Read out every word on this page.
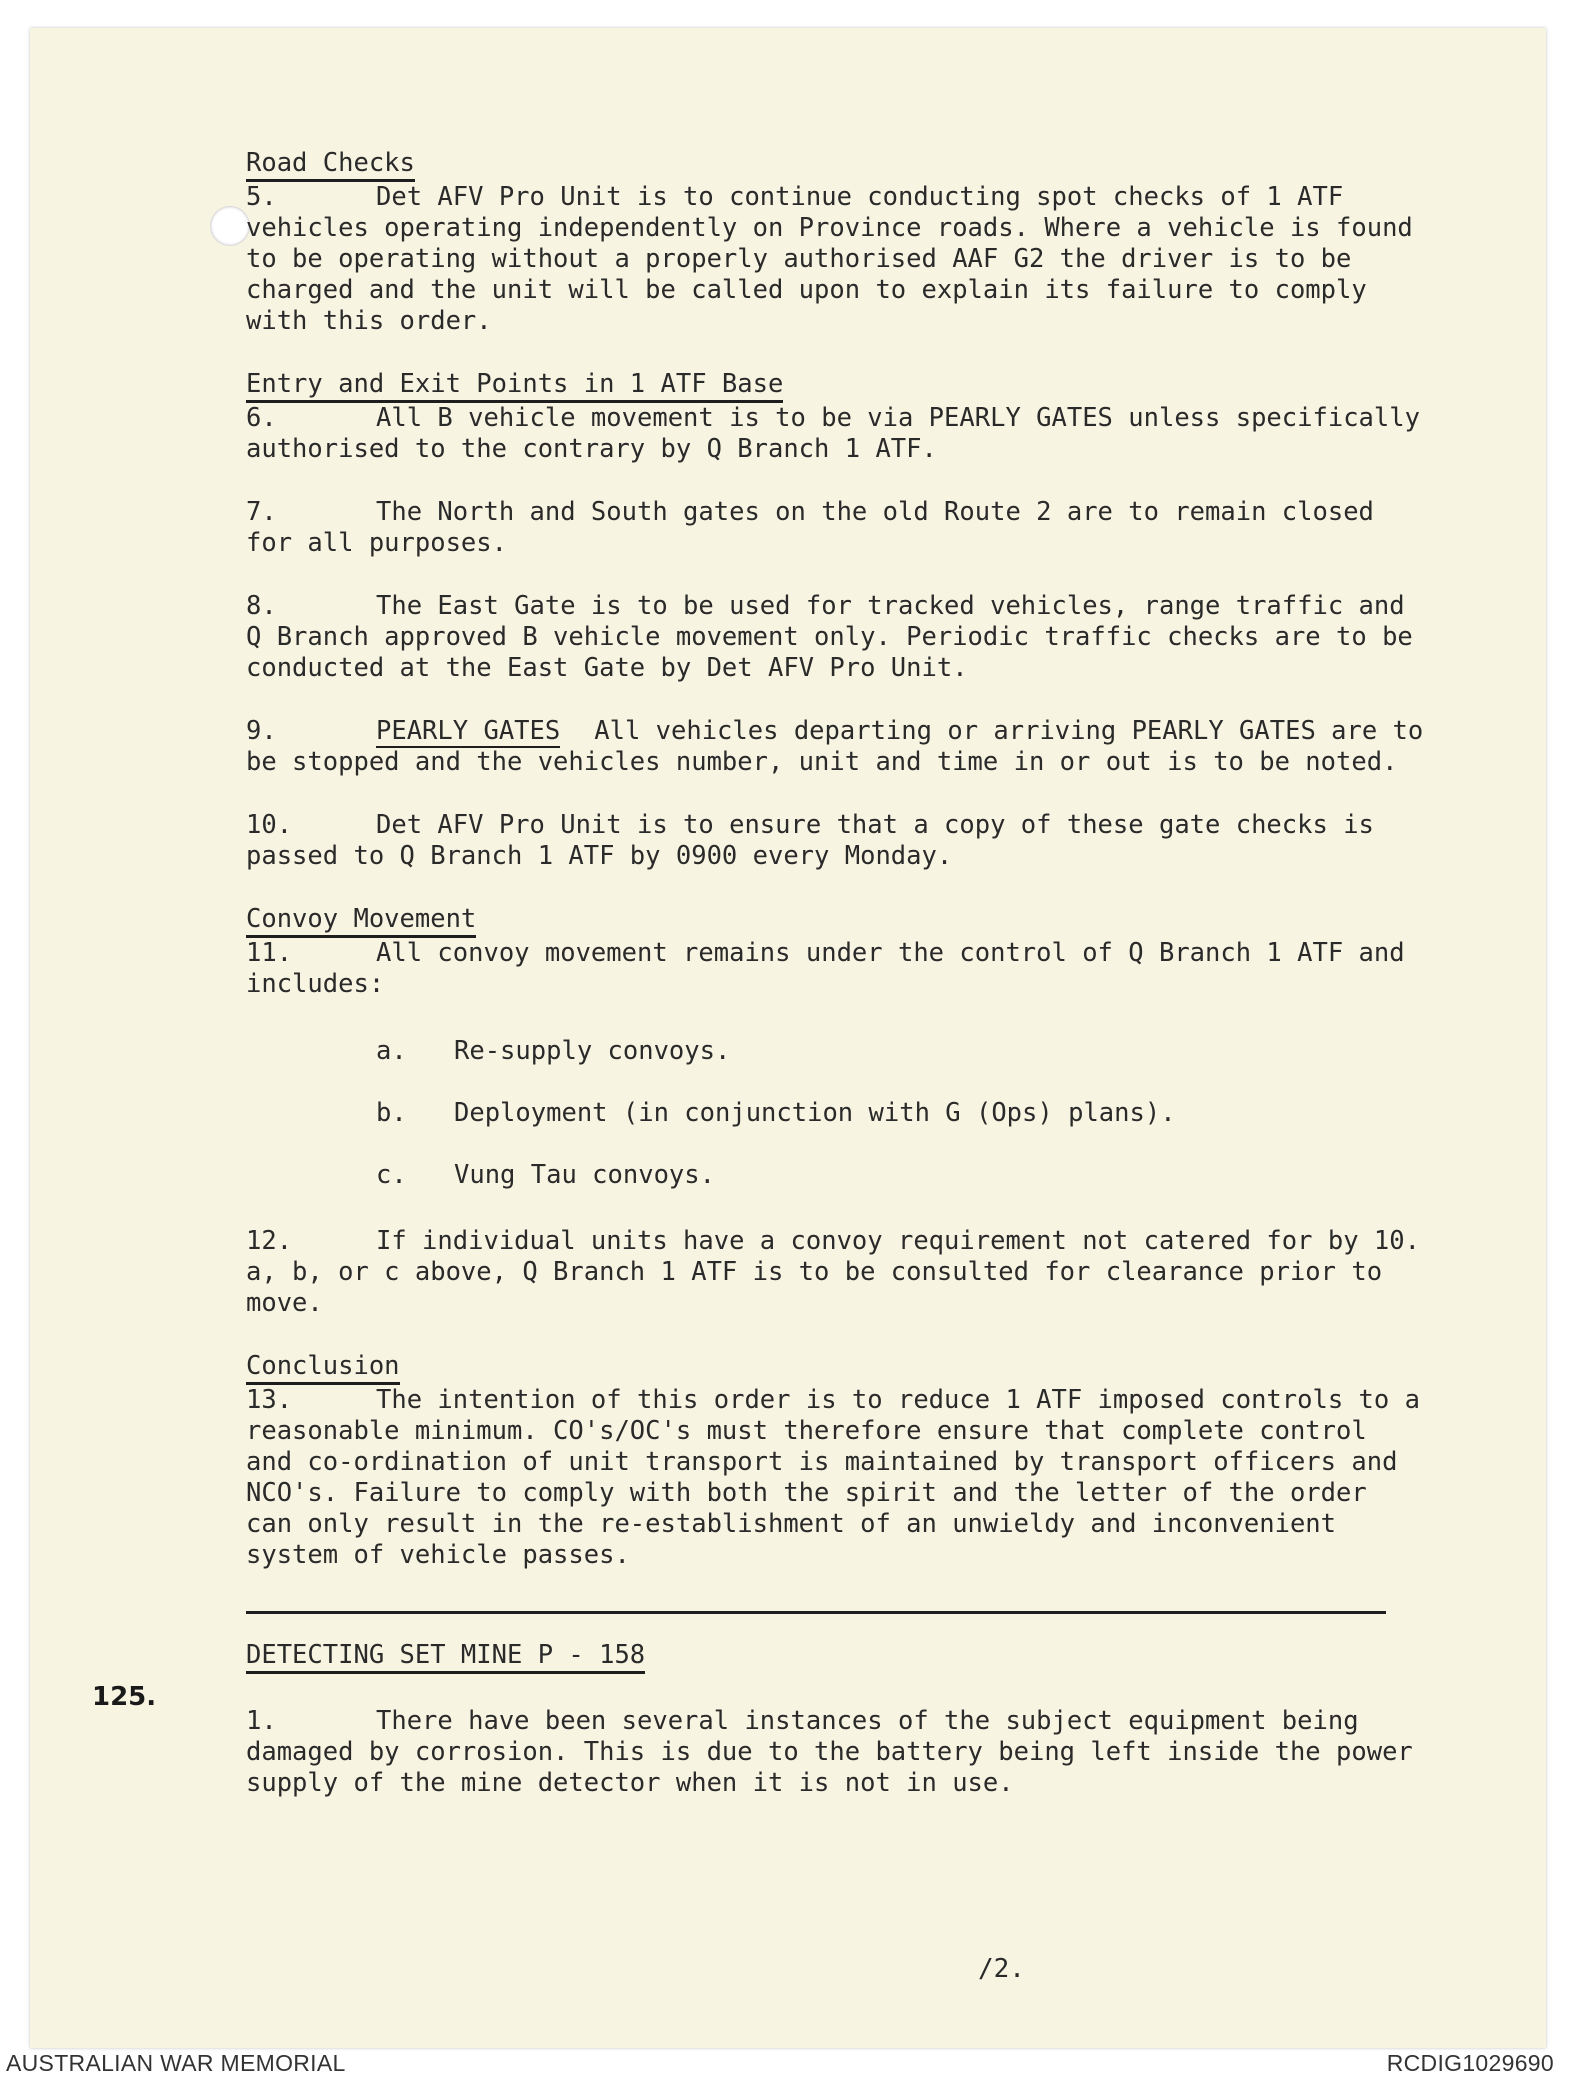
Road Checks

5.	Det AFV Pro Unit is to continue conducting spot checks of 1 ATF vehicles operating independently on Province roads. Where a vehicle is found to be operating without a properly authorised AAF G2 the driver is to be charged and the unit will be called upon to explain its failure to comply with this order.

Entry and Exit Points in 1 ATF Base

6.	All B vehicle movement is to be via PEARLY GATES unless specifically authorised to the contrary by Q Branch 1 ATF.

7.	The North and South gates on the old Route 2 are to remain closed for all purposes.

8.	The East Gate is to be used for tracked vehicles, range traffic and Q Branch approved B vehicle movement only. Periodic traffic checks are to be conducted at the East Gate by Det AFV Pro Unit.

9.	PEARLY GATES All vehicles departing or arriving PEARLY GATES are to be stopped and the vehicles number, unit and time in or out is to be noted.

10.	Det AFV Pro Unit is to ensure that a copy of these gate checks is passed to Q Branch 1 ATF by 0900 every Monday.

Convoy Movement

11.	All convoy movement remains under the control of Q Branch 1 ATF and includes:

a. Re-supply convoys.
b. Deployment (in conjunction with G (Ops) plans).
c. Vung Tau convoys.

12.	If individual units have a convoy requirement not catered for by 10. a, b, or c above, Q Branch 1 ATF is to be consulted for clearance prior to move.

Conclusion

13.	The intention of this order is to reduce 1 ATF imposed controls to a reasonable minimum. CO's/OC's must therefore ensure that complete control and co-ordination of unit transport is maintained by transport officers and NCO's. Failure to comply with both the spirit and the letter of the order can only result in the re-establishment of an unwieldy and inconvenient system of vehicle passes.

DETECTING SET MINE P - 158

1.	There have been several instances of the subject equipment being damaged by corrosion. This is due to the battery being left inside the power supply of the mine detector when it is not in use.

125.
/2.
AUSTRALIAN WAR MEMORIAL	RCDIG1029690
